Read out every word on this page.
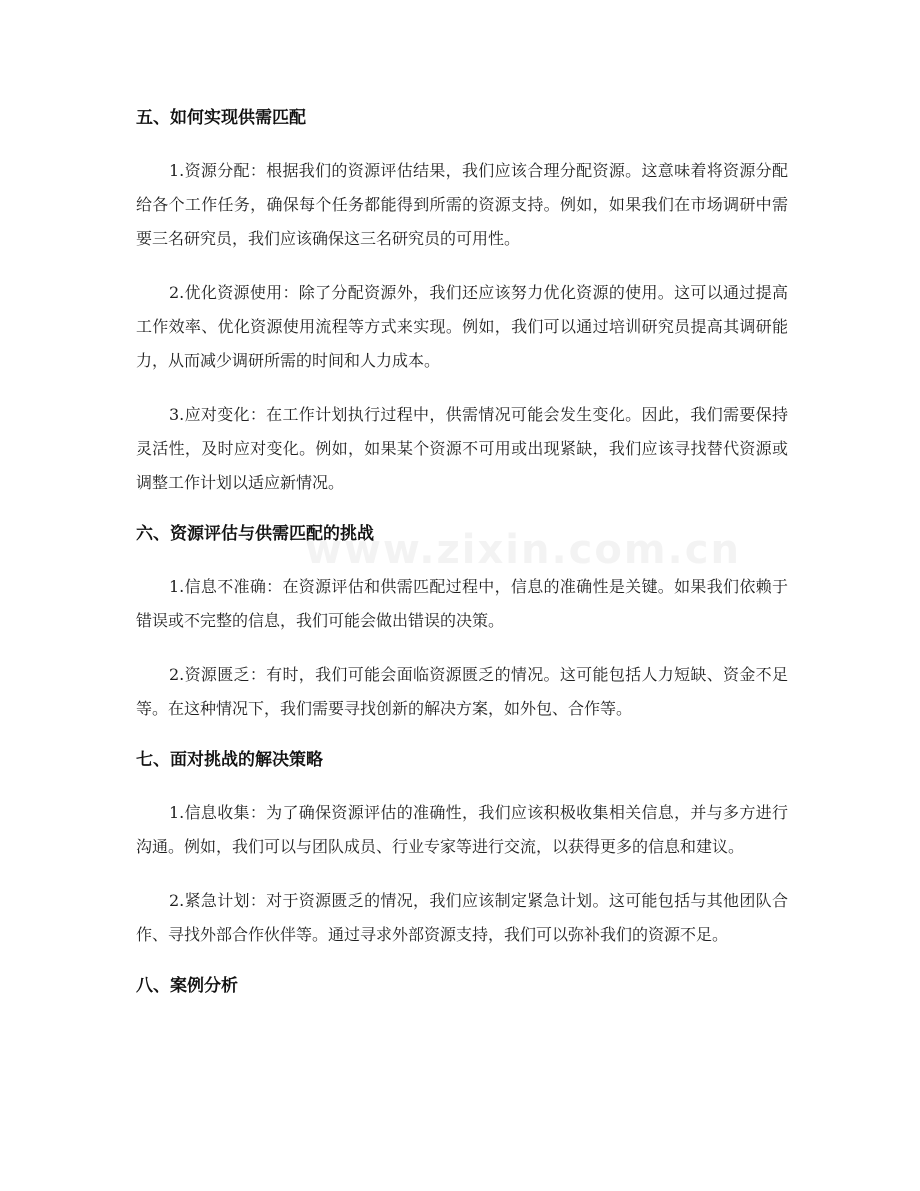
五、如何实现供需匹配

1.资源分配：根据我们的资源评估结果，我们应该合理分配资源。这意味着将资源分配给各个工作任务，确保每个任务都能得到所需的资源支持。例如，如果我们在市场调研中需要三名研究员，我们应该确保这三名研究员的可用性。

2.优化资源使用：除了分配资源外，我们还应该努力优化资源的使用。这可以通过提高工作效率、优化资源使用流程等方式来实现。例如，我们可以通过培训研究员提高其调研能力，从而减少调研所需的时间和人力成本。

3.应对变化：在工作计划执行过程中，供需情况可能会发生变化。因此，我们需要保持灵活性，及时应对变化。例如，如果某个资源不可用或出现紧缺，我们应该寻找替代资源或调整工作计划以适应新情况。

六、资源评估与供需匹配的挑战

1.信息不准确：在资源评估和供需匹配过程中，信息的准确性是关键。如果我们依赖于错误或不完整的信息，我们可能会做出错误的决策。

2.资源匮乏：有时，我们可能会面临资源匮乏的情况。这可能包括人力短缺、资金不足等。在这种情况下，我们需要寻找创新的解决方案，如外包、合作等。

七、面对挑战的解决策略

1.信息收集：为了确保资源评估的准确性，我们应该积极收集相关信息，并与多方进行沟通。例如，我们可以与团队成员、行业专家等进行交流，以获得更多的信息和建议。

2.紧急计划：对于资源匮乏的情况，我们应该制定紧急计划。这可能包括与其他团队合作、寻找外部合作伙伴等。通过寻求外部资源支持，我们可以弥补我们的资源不足。

八、案例分析
www.zixin.com.cn
